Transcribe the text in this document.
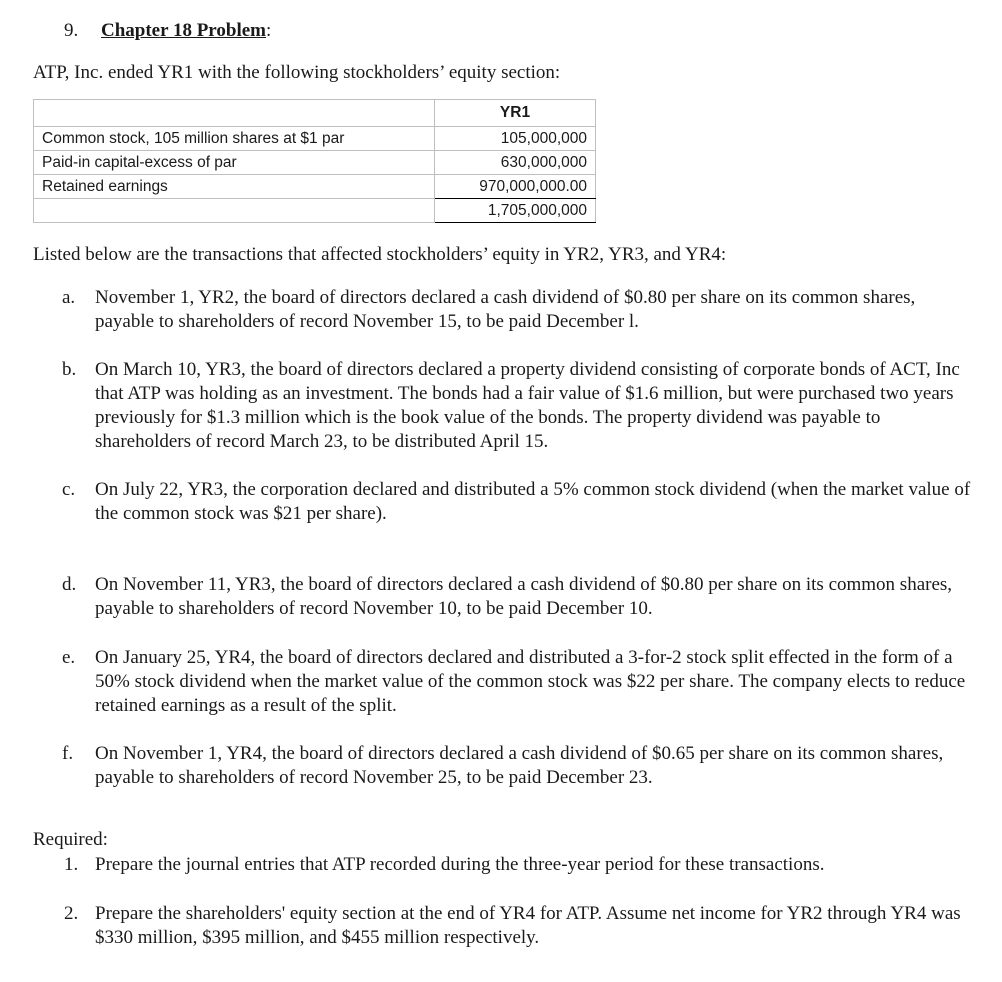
9. Chapter 18 Problem:
ATP, Inc. ended YR1 with the following stockholders’ equity section:
	YR1
Common stock, 105 million shares at $1 par	105,000,000
Paid-in capital-excess of par	630,000,000
Retained earnings	970,000,000.00
	1,705,000,000
Listed below are the transactions that affected stockholders’ equity in YR2, YR3, and YR4:
a. November 1, YR2, the board of directors declared a cash dividend of $0.80 per share on its common shares, payable to shareholders of record November 15, to be paid December l.
b. On March 10, YR3, the board of directors declared a property dividend consisting of corporate bonds of ACT, Inc that ATP was holding as an investment. The bonds had a fair value of $1.6 million, but were purchased two years previously for $1.3 million which is the book value of the bonds. The property dividend was payable to shareholders of record March 23, to be distributed April 15.
c. On July 22, YR3, the corporation declared and distributed a 5% common stock dividend (when the market value of the common stock was $21 per share).
d. On November 11, YR3, the board of directors declared a cash dividend of $0.80 per share on its common shares, payable to shareholders of record November 10, to be paid December 10.
e. On January 25, YR4, the board of directors declared and distributed a 3-for-2 stock split effected in the form of a 50% stock dividend when the market value of the common stock was $22 per share. The company elects to reduce retained earnings as a result of the split.
f. On November 1, YR4, the board of directors declared a cash dividend of $0.65 per share on its common shares, payable to shareholders of record November 25, to be paid December 23.
Required:
1. Prepare the journal entries that ATP recorded during the three-year period for these transactions.
2. Prepare the shareholders' equity section at the end of YR4 for ATP. Assume net income for YR2 through YR4 was $330 million, $395 million, and $455 million respectively.
